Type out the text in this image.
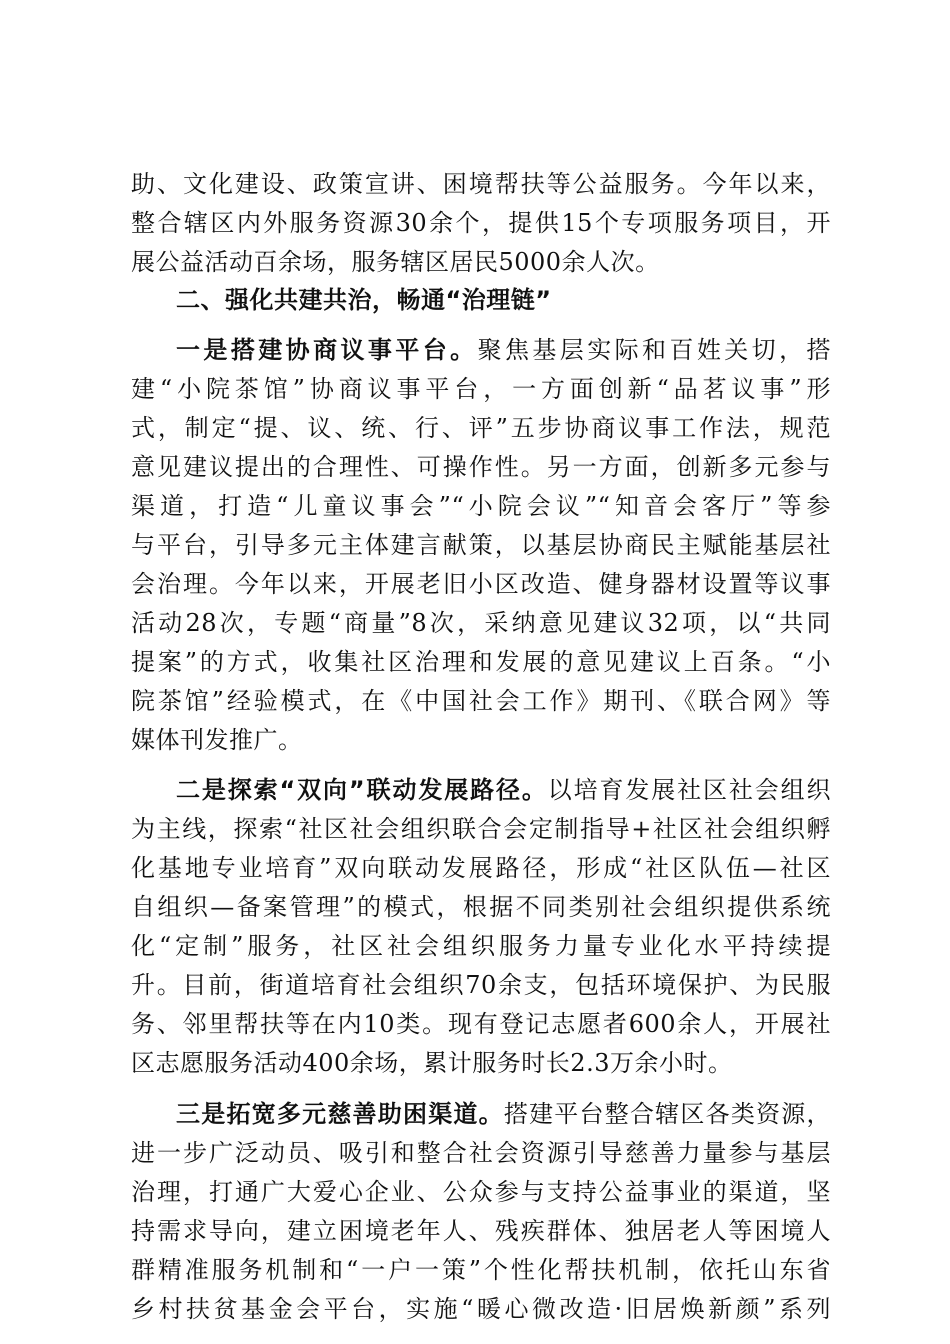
助、文化建设、政策宣讲、困境帮扶等公益服务。今年以来，
整合辖区内外服务资源30余个，提供15个专项服务项目，开
展公益活动百余场，服务辖区居民5000余人次。
二、强化共建共治，畅通“治理链”
一是搭建协商议事平台。聚焦基层实际和百姓关切，搭
建“小院茶馆”协商议事平台，一方面创新“品茗议事”形
式，制定“提、议、统、行、评”五步协商议事工作法，规范
意见建议提出的合理性、可操作性。另一方面，创新多元参与
渠道，打造“儿童议事会”“小院会议”“知音会客厅”等参
与平台，引导多元主体建言献策，以基层协商民主赋能基层社
会治理。今年以来，开展老旧小区改造、健身器材设置等议事
活动28次，专题“商量”8次，采纳意见建议32项，以“共同
提案”的方式，收集社区治理和发展的意见建议上百条。“小
院茶馆”经验模式，在《中国社会工作》期刊、《联合网》等
媒体刊发推广。
二是探索“双向”联动发展路径。以培育发展社区社会组织
为主线，探索“社区社会组织联合会定制指导+社区社会组织孵
化基地专业培育”双向联动发展路径，形成“社区队伍—社区
自组织—备案管理”的模式，根据不同类别社会组织提供系统
化“定制”服务，社区社会组织服务力量专业化水平持续提
升。目前，街道培育社会组织70余支，包括环境保护、为民服
务、邻里帮扶等在内10类。现有登记志愿者600余人，开展社
区志愿服务活动400余场，累计服务时长2.3万余小时。
三是拓宽多元慈善助困渠道。搭建平台整合辖区各类资源，
进一步广泛动员、吸引和整合社会资源引导慈善力量参与基层
治理，打通广大爱心企业、公众参与支持公益事业的渠道，坚
持需求导向，建立困境老年人、残疾群体、独居老人等困境人
群精准服务机制和“一户一策”个性化帮扶机制，依托山东省
乡村扶贫基金会平台，实施“暖心微改造·旧居焕新颜”系列
